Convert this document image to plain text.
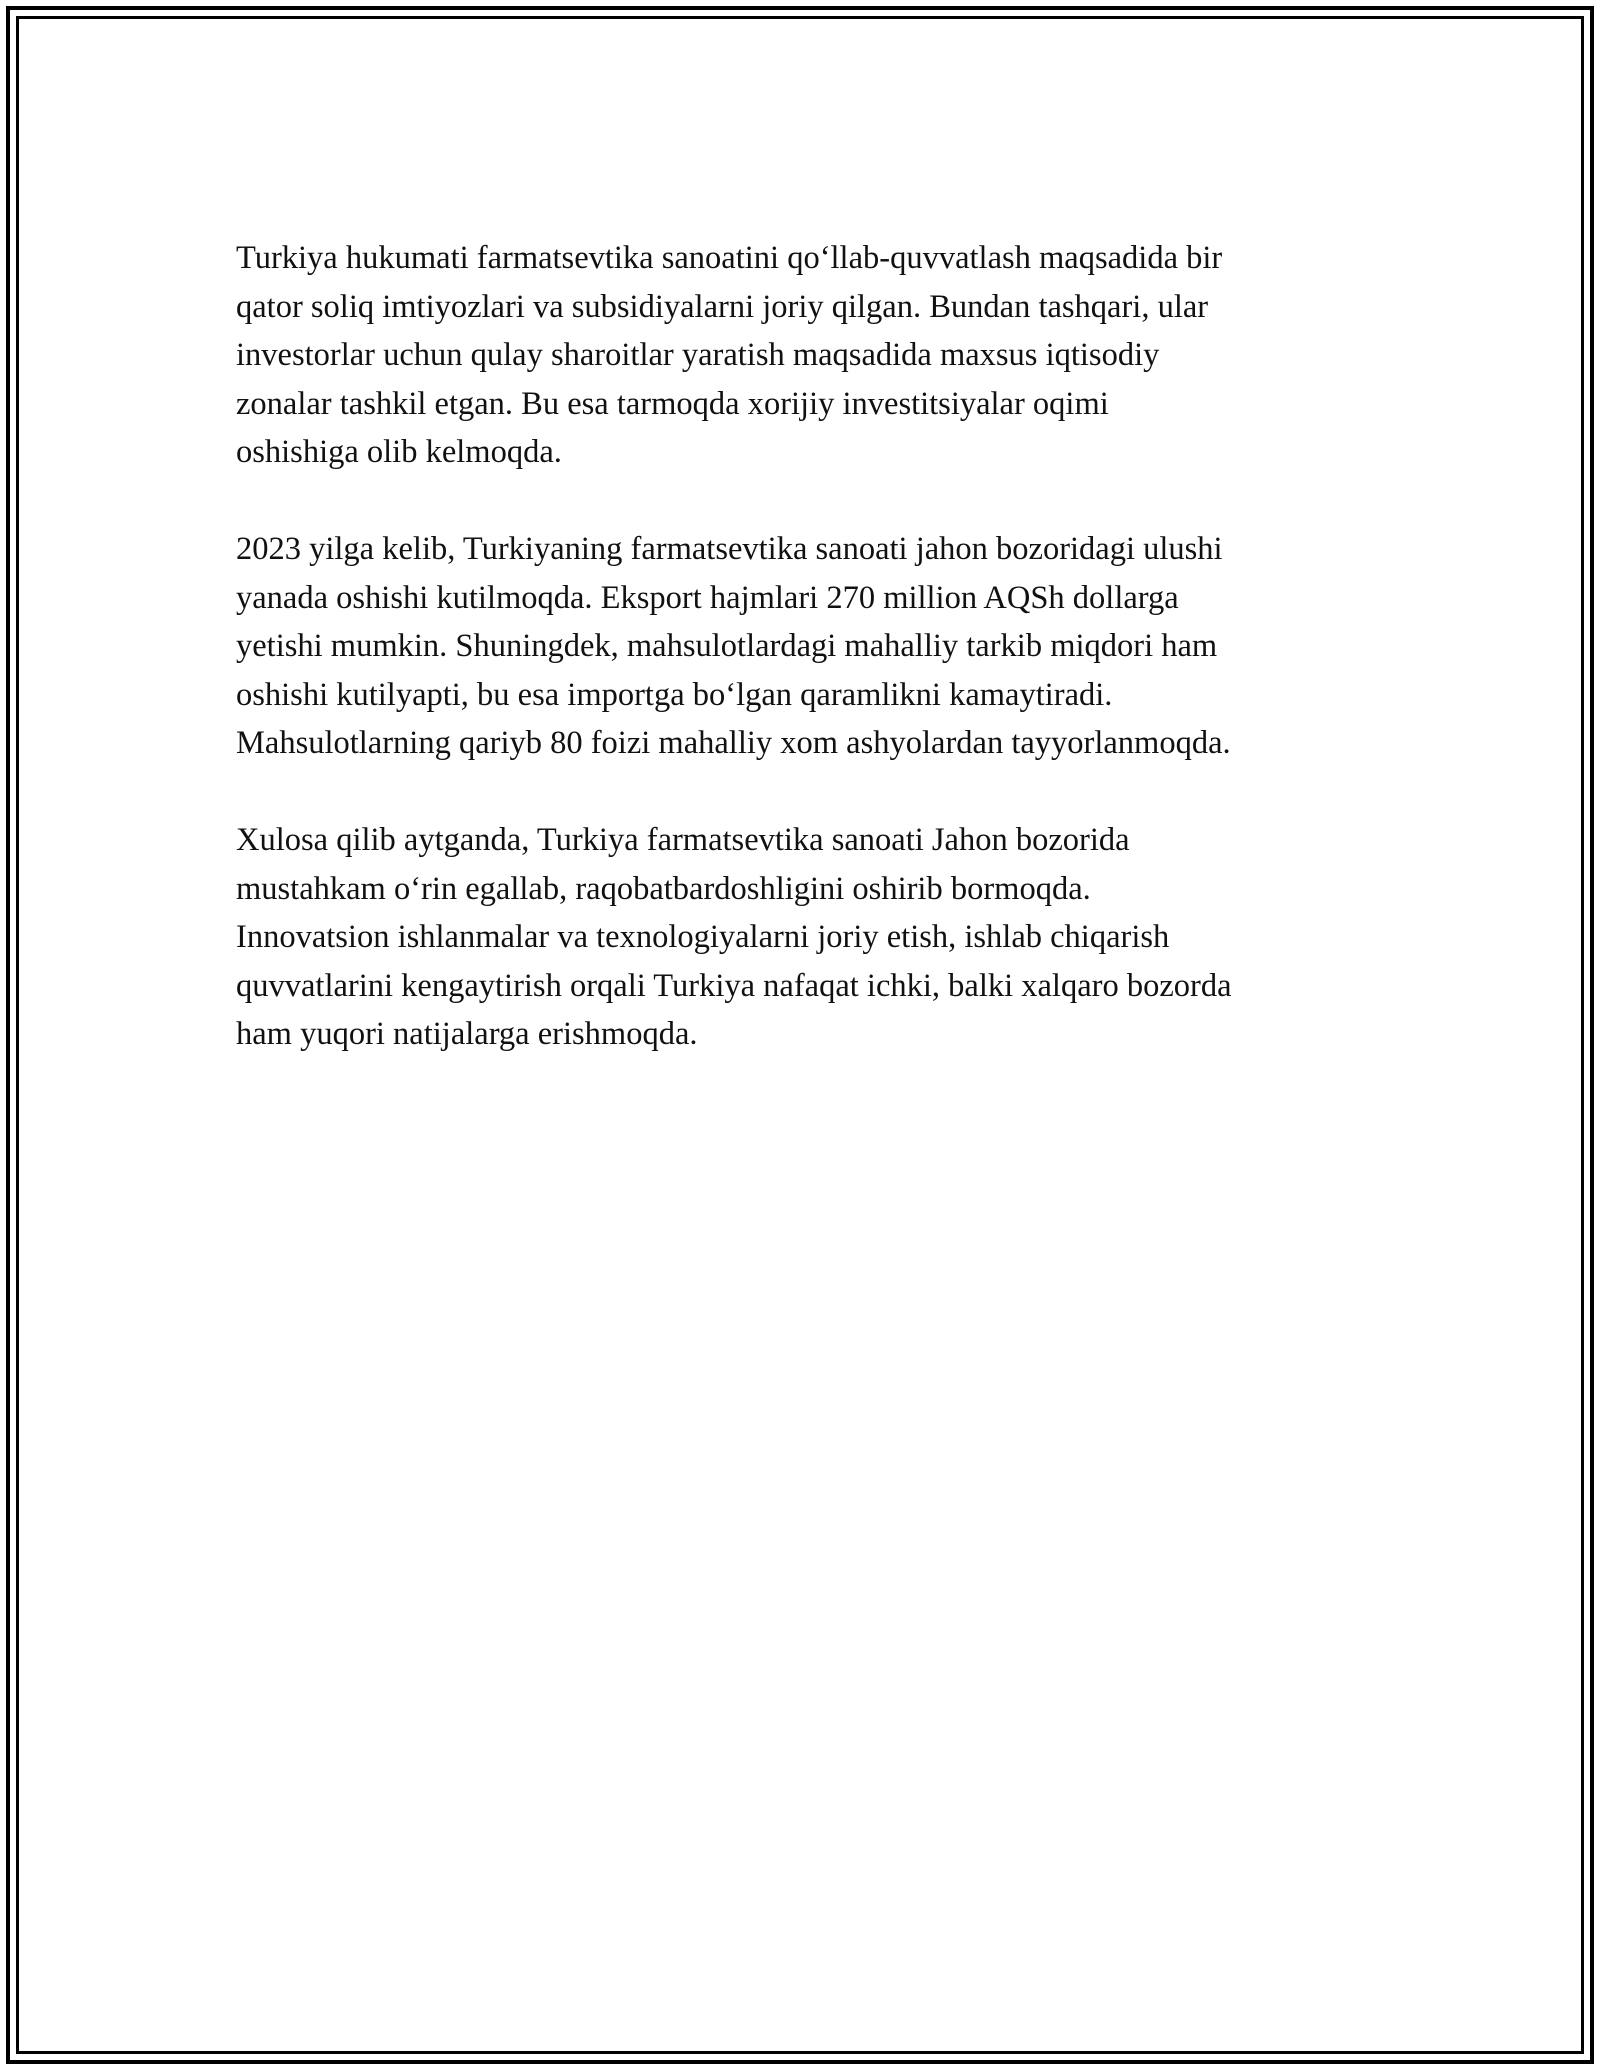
Turkiya hukumati farmatsevtika sanoatini qo‘llab-quvvatlash maqsadida bir
qator soliq imtiyozlari va subsidiyalarni joriy qilgan. Bundan tashqari, ular
investorlar uchun qulay sharoitlar yaratish maqsadida maxsus iqtisodiy
zonalar tashkil etgan. Bu esa tarmoqda xorijiy investitsiyalar oqimi
oshishiga olib kelmoqda.

2023 yilga kelib, Turkiyaning farmatsevtika sanoati jahon bozoridagi ulushi
yanada oshishi kutilmoqda. Eksport hajmlari 270 million AQSh dollarga
yetishi mumkin. Shuningdek, mahsulotlardagi mahalliy tarkib miqdori ham
oshishi kutilyapti, bu esa importga bo‘lgan qaramlikni kamaytiradi.
Mahsulotlarning qariyb 80 foizi mahalliy xom ashyolardan tayyorlanmoqda.

Xulosa qilib aytganda, Turkiya farmatsevtika sanoati Jahon bozorida
mustahkam o‘rin egallab, raqobatbardoshligini oshirib bormoqda.
Innovatsion ishlanmalar va texnologiyalarni joriy etish, ishlab chiqarish
quvvatlarini kengaytirish orqali Turkiya nafaqat ichki, balki xalqaro bozorda
ham yuqori natijalarga erishmoqda.
